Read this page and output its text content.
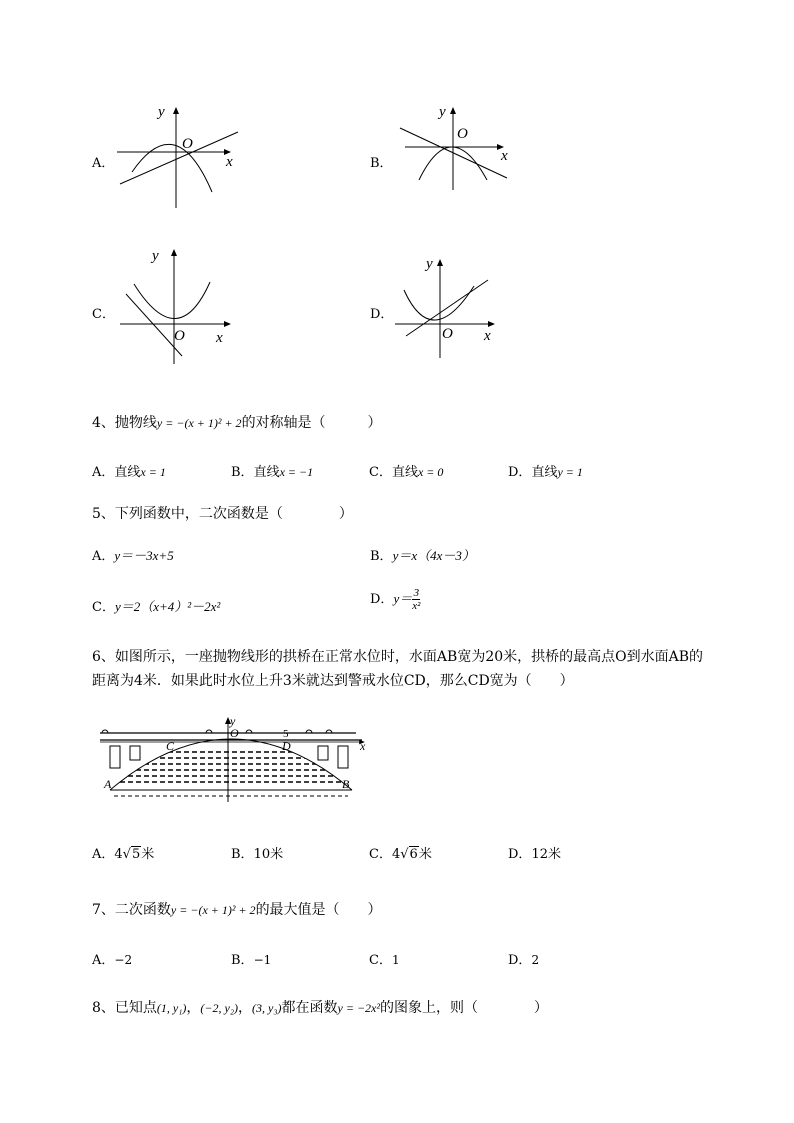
A．
y
O
x	B．
y
O
x
C．
y
O x
D．
y
O x
4、抛物线y = −(x + 1)² + 2的对称轴是（　　　）
A．直线x = 1	B．直线x = −1	C．直线x = 0	D．直线y = 1
5、下列函数中，二次函数是（　　　　）
A．y＝－3x+5	B．y＝x（4x－3）
C．y＝2（x+4）²－2x²	D．$y= \frac{3}{\text{x²}}$
6、如图所示，一座抛物线形的拱桥在正常水位时，水面AB宽为20米，拱桥的最高点O到水面AB的
距离为4米．如果此时水位上升3米就达到警戒水位CD，那么CD宽为（　　）
y
O	5
x
C	D
A	B
A．4√5米	B．10米	C．4√6米	D．12米
7、二次函数y = −(x + 1)² + 2的最大值是（　　）
A．−2	B．−1	C．1	D．2
8、已知点(1, y₁)，(−2, y₂)，(3, y₃)都在函数y = −2x²的图象上，则（　　　　）
